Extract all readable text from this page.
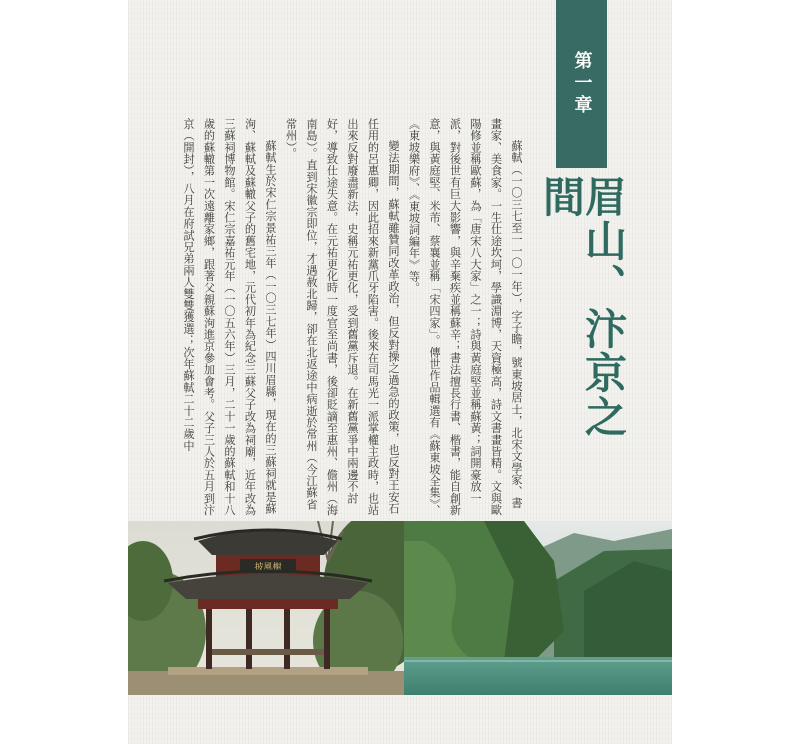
第一章
眉山、汴京之間

蘇軾（一〇三七至一一〇一年），字子瞻，號東坡居士，北宋文學家、書畫家、美食家。一生仕途坎坷，學識淵博，天資極高，詩文書畫皆精。文與歐陽修並稱歐蘇，為「唐宋八大家」之一；詩與黃庭堅並稱蘇黃；詞開豪放一派，對後世有巨大影響，與辛棄疾並稱蘇辛；書法擅長行書、楷書，能自創新意，與黃庭堅、米芾、蔡襄並稱「宋四家」。傳世作品輯選有《蘇東坡全集》、《東坡樂府》、《東坡詞編年》等。

變法期間，蘇軾雖贊同改革政治，但反對操之過急的政策，也反對王安石任用的呂惠卿，因此招來新黨爪牙陷害。後來在司馬光一派掌權主政時，也站出來反對廢盡新法，史稱元祐更化，受到舊黨斥退。在新舊黨爭中兩邊不討好，導致仕途失意。在元祐更化時一度官至尚書，後卻貶謫至惠州、儋州（海南島）。直到宋徽宗即位，才遇赦北歸，卻在北返途中病逝於常州（今江蘇省常州）。

蘇軾生於宋仁宗景祐三年（一〇三七年）四川眉縣，現在的三蘇祠就是蘇洵、蘇軾及蘇轍父子的舊宅地，元代初年為紀念三蘇父子改為祠廟，近年改為三蘇祠博物館。宋仁宗嘉祐元年（一〇五六年）三月，二十一歲的蘇軾和十八歲的蘇轍第一次遠離家鄉，跟著父親蘇洵進京參加會考。父子三人於五月到汴京（開封），八月在府試兄弟兩人雙雙獲選；次年蘇軾二十二歲中

披風榭
